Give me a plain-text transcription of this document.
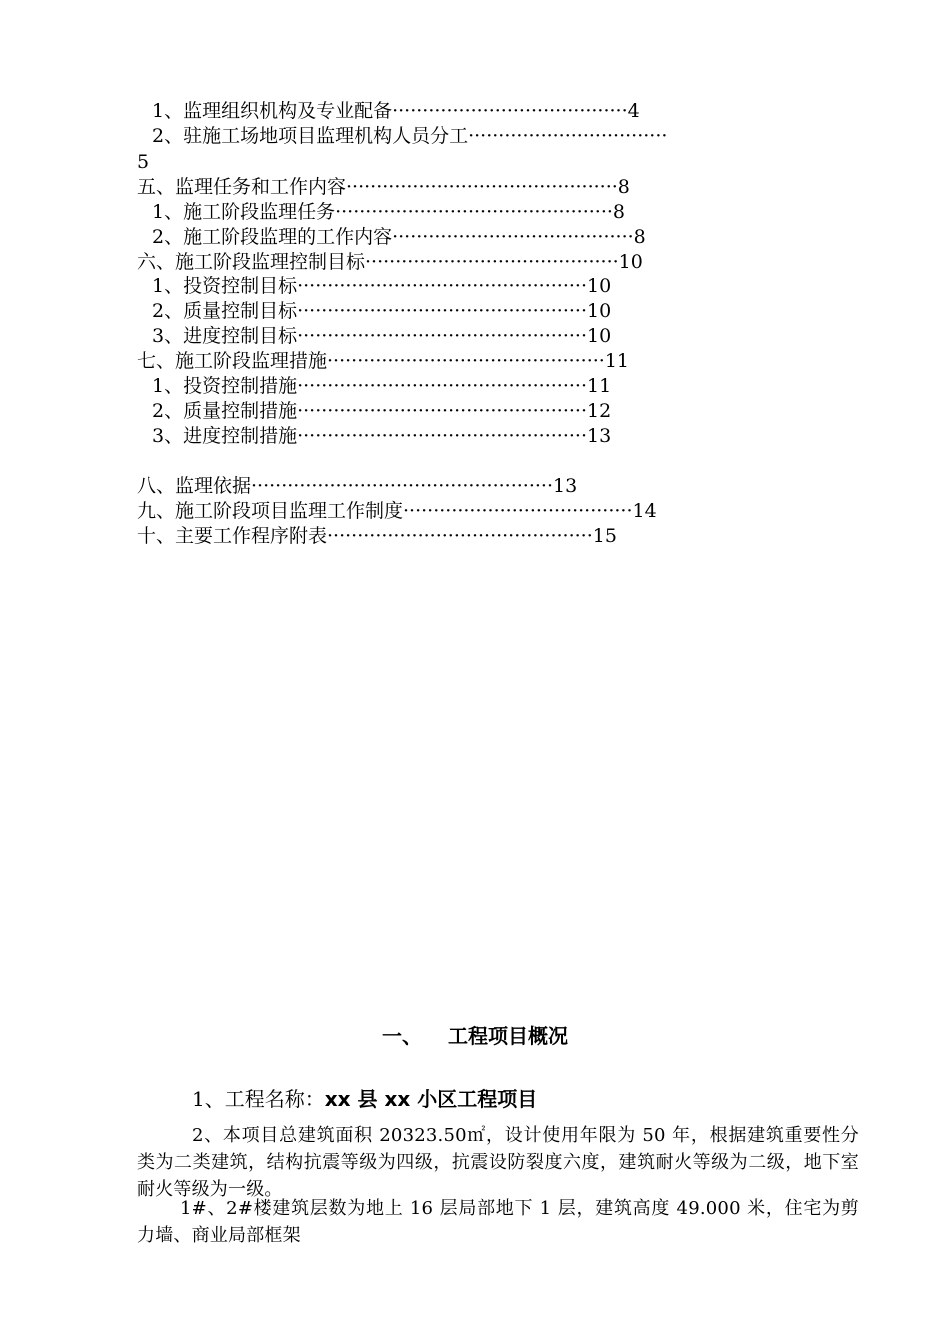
1、监理组织机构及专业配备·······································4
2、驻施工场地项目监理机构人员分工·································
5
五、监理任务和工作内容·············································8
1、施工阶段监理任务··············································8
2、施工阶段监理的工作内容········································8
六、施工阶段监理控制目标··········································10
1、投资控制目标················································10
2、质量控制目标················································10
3、进度控制目标················································10
七、施工阶段监理措施··············································11
1、投资控制措施················································11
2、质量控制措施················································12
3、进度控制措施················································13
八、监理依据··················································13
九、施工阶段项目监理工作制度······································14
十、主要工作程序附表············································15
一、 工程项目概况
1、工程名称：xx 县 xx 小区工程项目
2、本项目总建筑面积 20323.50㎡，设计使用年限为 50 年，根据建筑重要性分类为二类建筑，结构抗震等级为四级，抗震设防裂度六度，建筑耐火等级为二级，地下室耐火等级为一级。
1#、2#楼建筑层数为地上 16 层局部地下 1 层，建筑高度 49.000 米，住宅为剪力墙、商业局部框架
